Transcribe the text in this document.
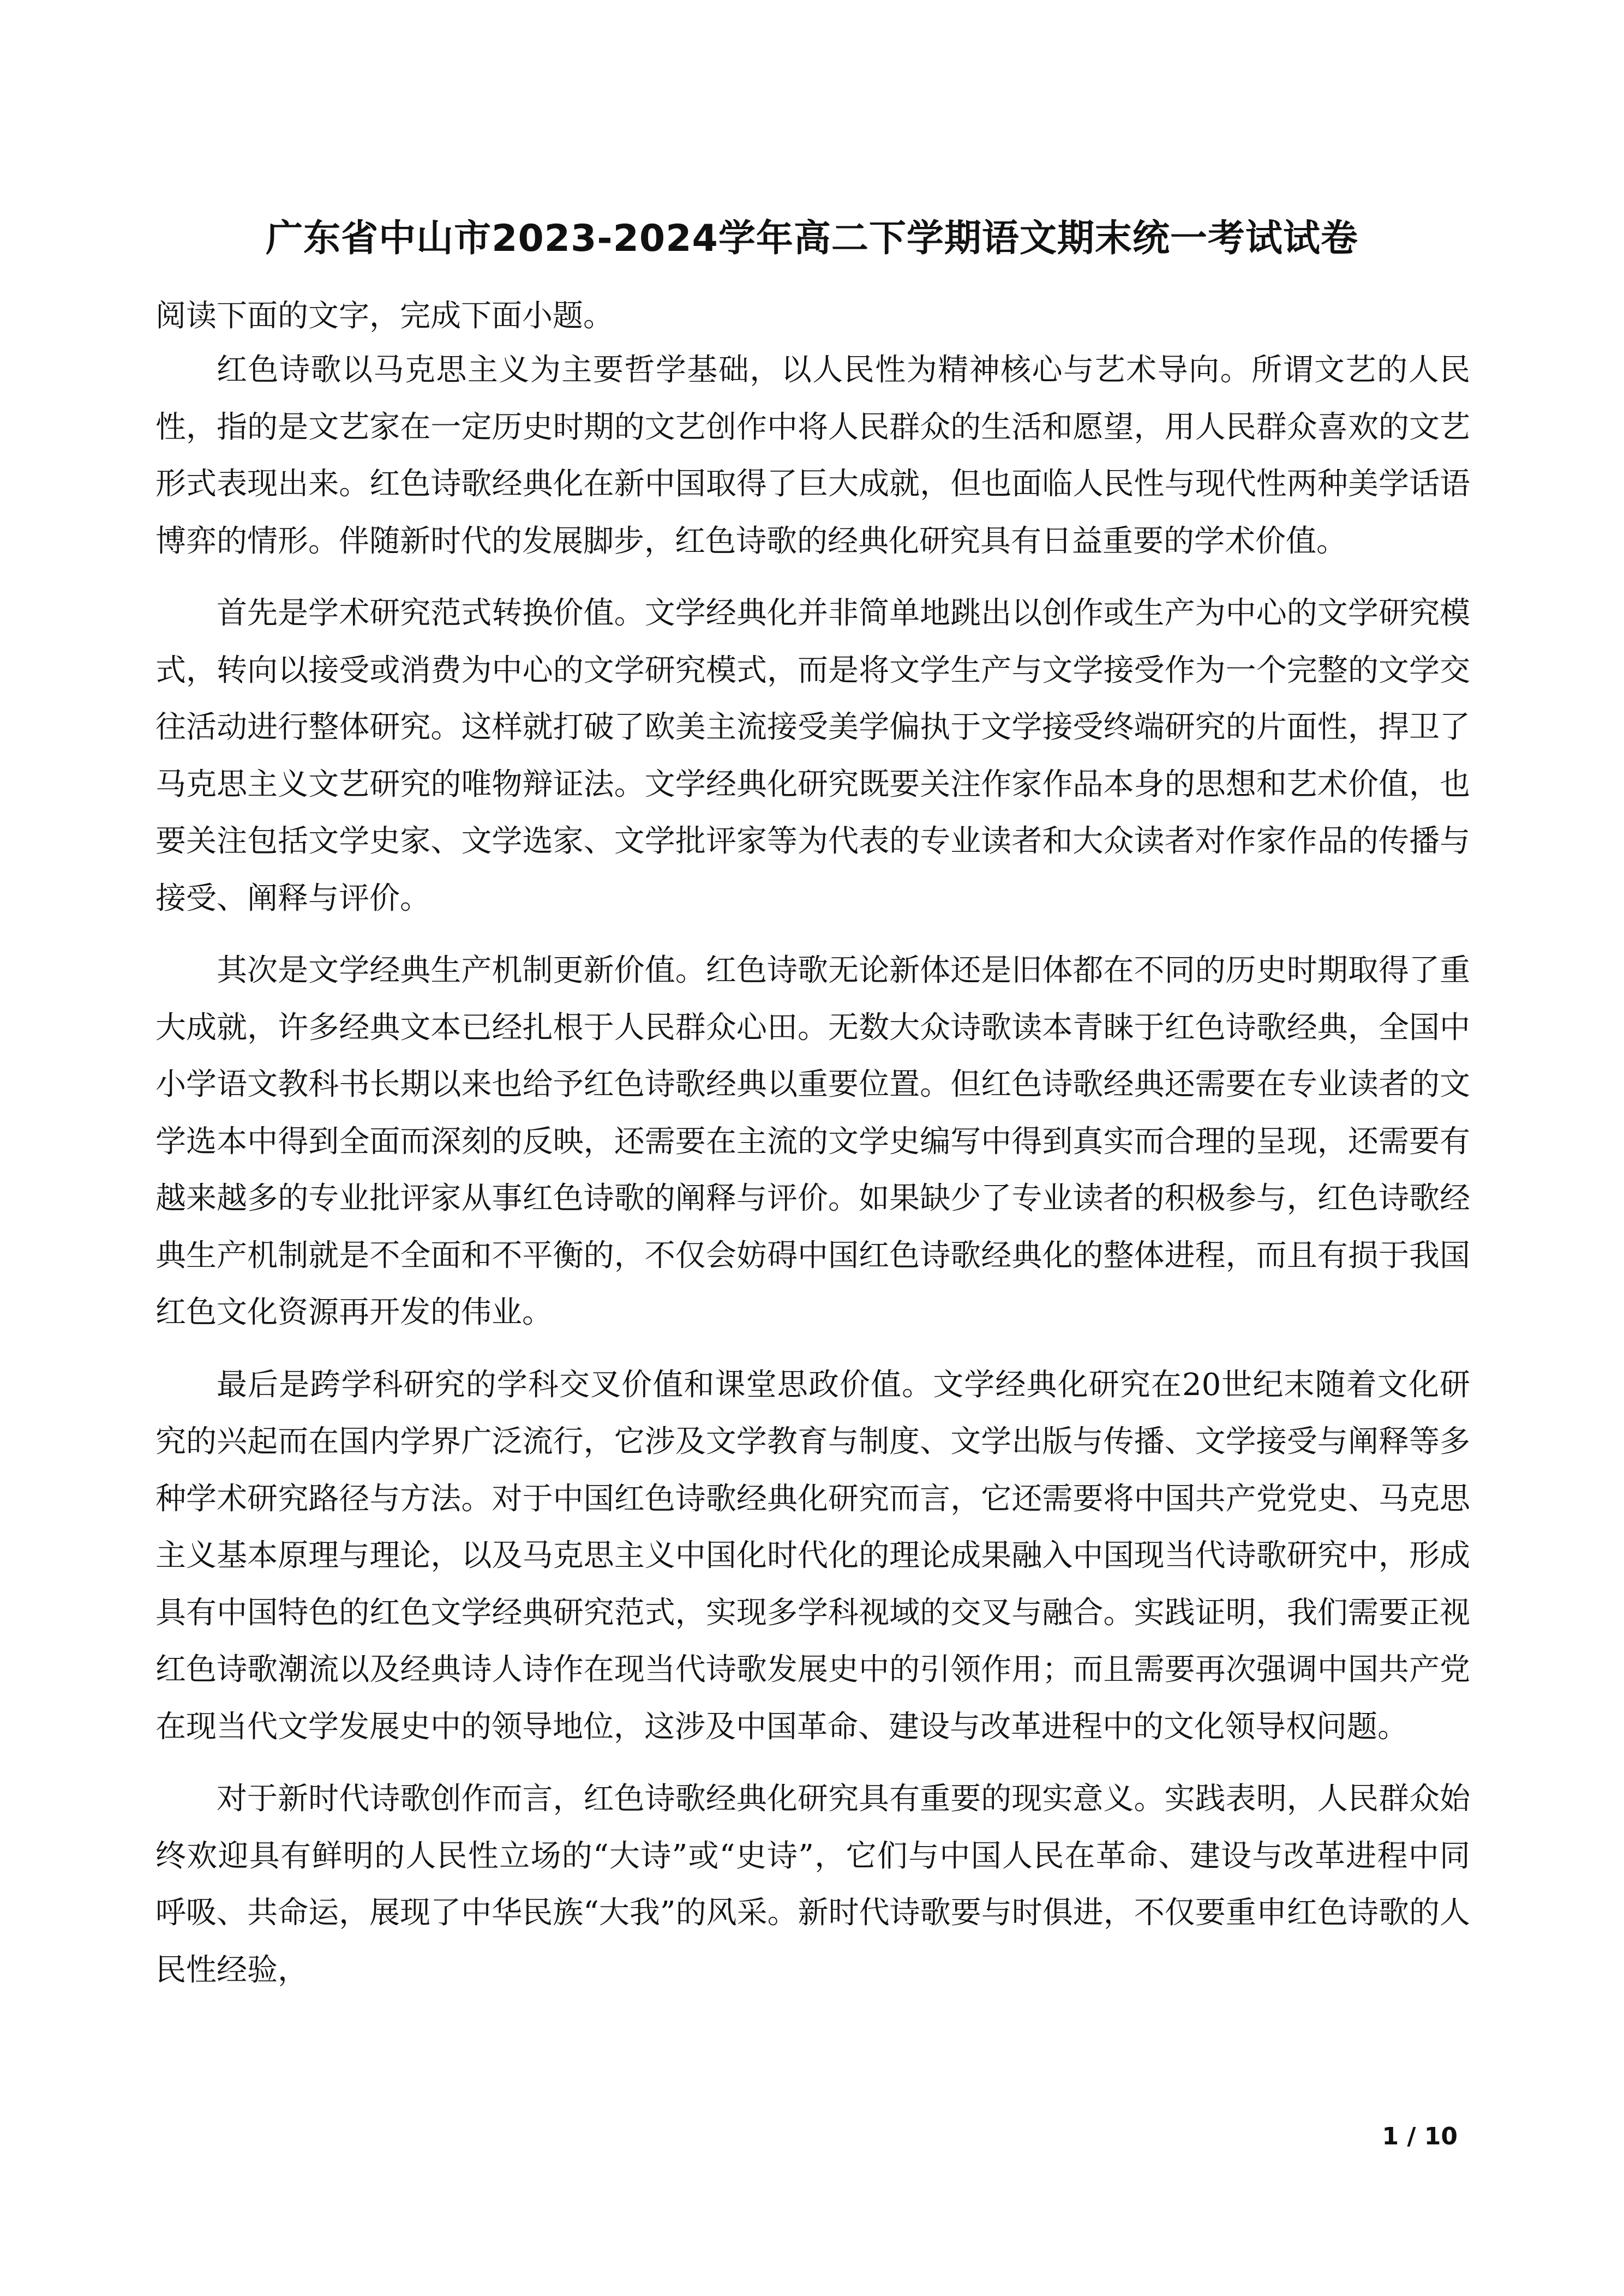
广东省中山市2023-2024学年高二下学期语文期末统一考试试卷

阅读下面的文字，完成下面小题。

红色诗歌以马克思主义为主要哲学基础，以人民性为精神核心与艺术导向。所谓文艺的人民性，指的是文艺家在一定历史时期的文艺创作中将人民群众的生活和愿望，用人民群众喜欢的文艺形式表现出来。红色诗歌经典化在新中国取得了巨大成就，但也面临人民性与现代性两种美学话语博弈的情形。伴随新时代的发展脚步，红色诗歌的经典化研究具有日益重要的学术价值。

首先是学术研究范式转换价值。文学经典化并非简单地跳出以创作或生产为中心的文学研究模式，转向以接受或消费为中心的文学研究模式，而是将文学生产与文学接受作为一个完整的文学交往活动进行整体研究。这样就打破了欧美主流接受美学偏执于文学接受终端研究的片面性，捍卫了马克思主义文艺研究的唯物辩证法。文学经典化研究既要关注作家作品本身的思想和艺术价值，也要关注包括文学史家、文学选家、文学批评家等为代表的专业读者和大众读者对作家作品的传播与接受、阐释与评价。

其次是文学经典生产机制更新价值。红色诗歌无论新体还是旧体都在不同的历史时期取得了重大成就，许多经典文本已经扎根于人民群众心田。无数大众诗歌读本青睐于红色诗歌经典，全国中小学语文教科书长期以来也给予红色诗歌经典以重要位置。但红色诗歌经典还需要在专业读者的文学选本中得到全面而深刻的反映，还需要在主流的文学史编写中得到真实而合理的呈现，还需要有越来越多的专业批评家从事红色诗歌的阐释与评价。如果缺少了专业读者的积极参与，红色诗歌经典生产机制就是不全面和不平衡的，不仅会妨碍中国红色诗歌经典化的整体进程，而且有损于我国红色文化资源再开发的伟业。

最后是跨学科研究的学科交叉价值和课堂思政价值。文学经典化研究在20世纪末随着文化研究的兴起而在国内学界广泛流行，它涉及文学教育与制度、文学出版与传播、文学接受与阐释等多种学术研究路径与方法。对于中国红色诗歌经典化研究而言，它还需要将中国共产党党史、马克思主义基本原理与理论，以及马克思主义中国化时代化的理论成果融入中国现当代诗歌研究中，形成具有中国特色的红色文学经典研究范式，实现多学科视域的交叉与融合。实践证明，我们需要正视红色诗歌潮流以及经典诗人诗作在现当代诗歌发展史中的引领作用；而且需要再次强调中国共产党在现当代文学发展史中的领导地位，这涉及中国革命、建设与改革进程中的文化领导权问题。

对于新时代诗歌创作而言，红色诗歌经典化研究具有重要的现实意义。实践表明，人民群众始终欢迎具有鲜明的人民性立场的“大诗”或“史诗”，它们与中国人民在革命、建设与改革进程中同呼吸、共命运，展现了中华民族“大我”的风采。新时代诗歌要与时俱进，不仅要重申红色诗歌的人民性经验，

1 / 10
